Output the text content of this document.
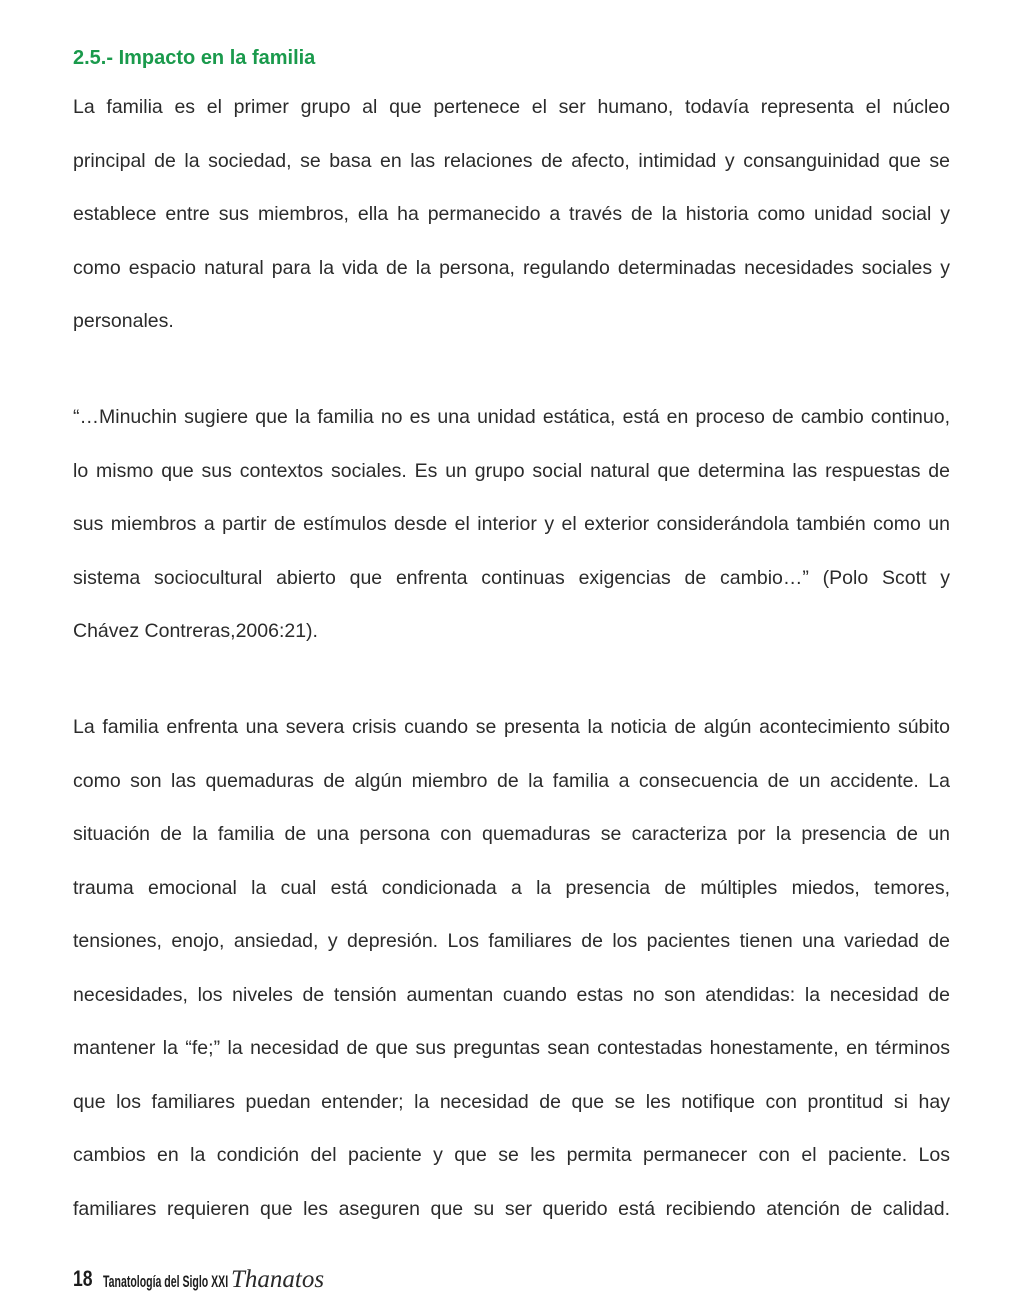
2.5.- Impacto en la familia
La familia es el primer grupo al que pertenece el ser humano, todavía representa el núcleo
principal de la sociedad, se basa en las relaciones de afecto, intimidad y consanguinidad que se
establece entre sus miembros, ella ha permanecido a través de la historia como unidad social y
como espacio natural para la vida de la persona, regulando determinadas necesidades sociales y
personales.
“…Minuchin sugiere que la familia no es una unidad estática, está en proceso de cambio continuo,
lo mismo que sus contextos sociales. Es un grupo social natural que determina las respuestas de
sus miembros a partir de estímulos desde el interior y el exterior considerándola también como un
sistema sociocultural abierto que enfrenta continuas exigencias de cambio…” (Polo Scott y
Chávez Contreras,2006:21).
La familia enfrenta una severa crisis cuando se presenta la noticia de algún acontecimiento súbito
como son las quemaduras de algún miembro de la familia a consecuencia de un accidente. La
situación de la familia de una persona con quemaduras se caracteriza por la presencia de un
trauma emocional la cual está condicionada a la presencia de múltiples miedos, temores,
tensiones, enojo, ansiedad, y depresión. Los familiares de los pacientes tienen una variedad de
necesidades, los niveles de tensión aumentan cuando estas no son atendidas: la necesidad de
mantener la “fe;” la necesidad de que sus preguntas sean contestadas honestamente, en términos
que los familiares puedan entender; la necesidad de que se les notifique con prontitud si hay
cambios en la condición del paciente y que se les permita permanecer con el paciente. Los
familiares requieren que les aseguren que su ser querido está recibiendo atención de calidad.
18 Tanatología del Siglo XXI Thanatos
